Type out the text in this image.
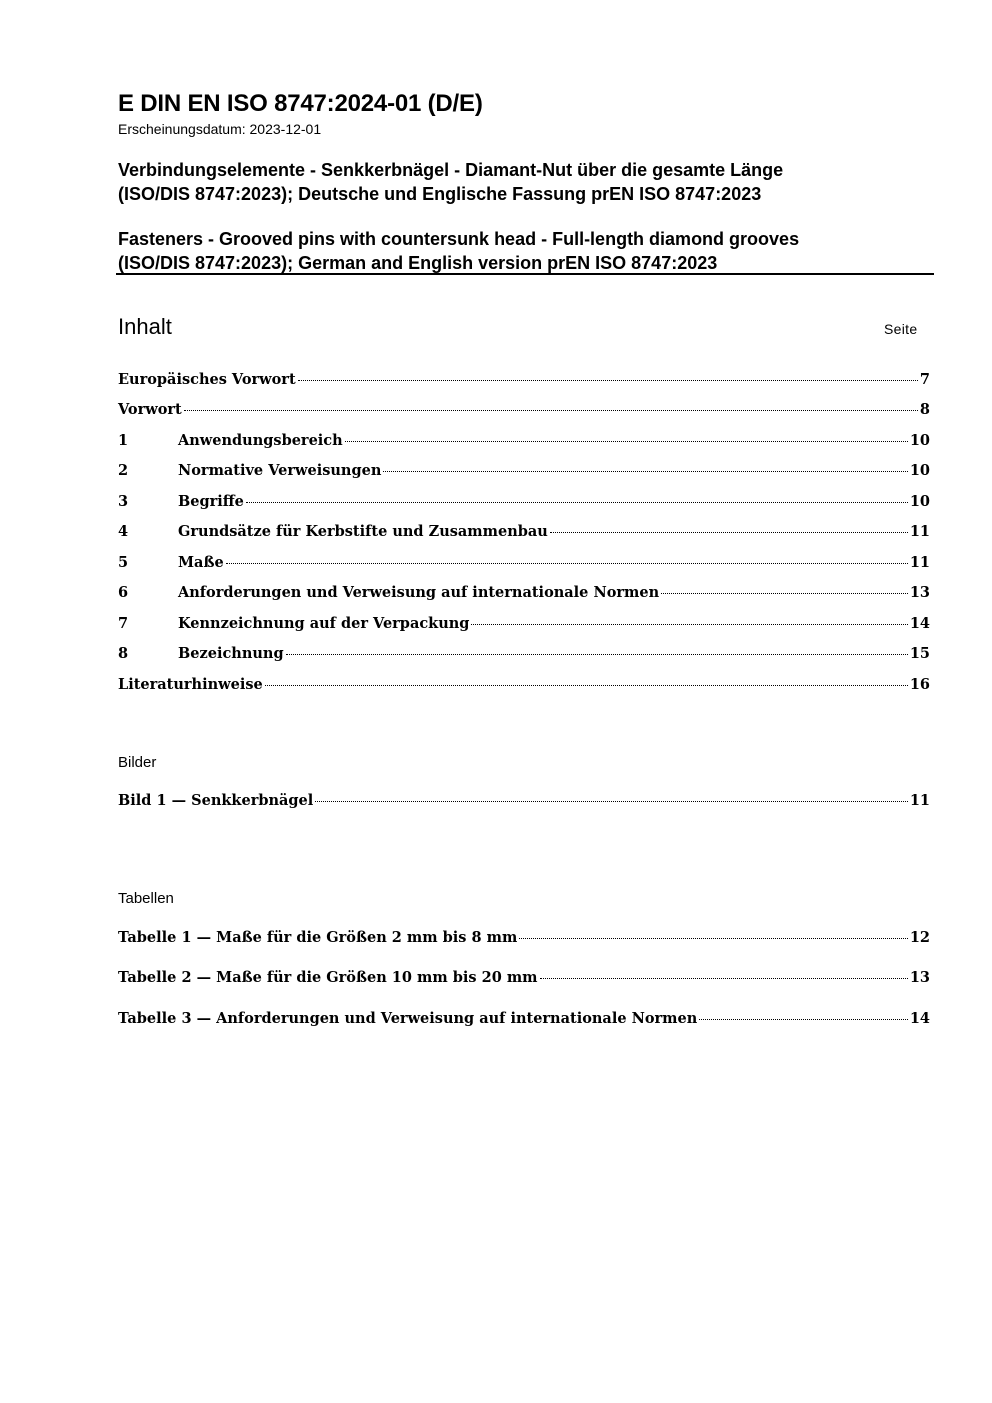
E DIN EN ISO 8747:2024-01 (D/E)
Erscheinungsdatum: 2023-12-01
Verbindungselemente - Senkkerbnägel - Diamant-Nut über die gesamte Länge
(ISO/DIS 8747:2023); Deutsche und Englische Fassung prEN ISO 8747:2023
Fasteners - Grooved pins with countersunk head - Full-length diamond grooves
(ISO/DIS 8747:2023); German and English version prEN ISO 8747:2023
Inhalt	Seite
Europäisches Vorwort	7
Vorwort	8
1	Anwendungsbereich	10
2	Normative Verweisungen	10
3	Begriffe	10
4	Grundsätze für Kerbstifte und Zusammenbau	11
5	Maße	11
6	Anforderungen und Verweisung auf internationale Normen	13
7	Kennzeichnung auf der Verpackung	14
8	Bezeichnung	15
Literaturhinweise	16
Bilder
Bild 1 — Senkkerbnägel	11
Tabellen
Tabelle 1 — Maße für die Größen 2 mm bis 8 mm	12
Tabelle 2 — Maße für die Größen 10 mm bis 20 mm	13
Tabelle 3 — Anforderungen und Verweisung auf internationale Normen	14
